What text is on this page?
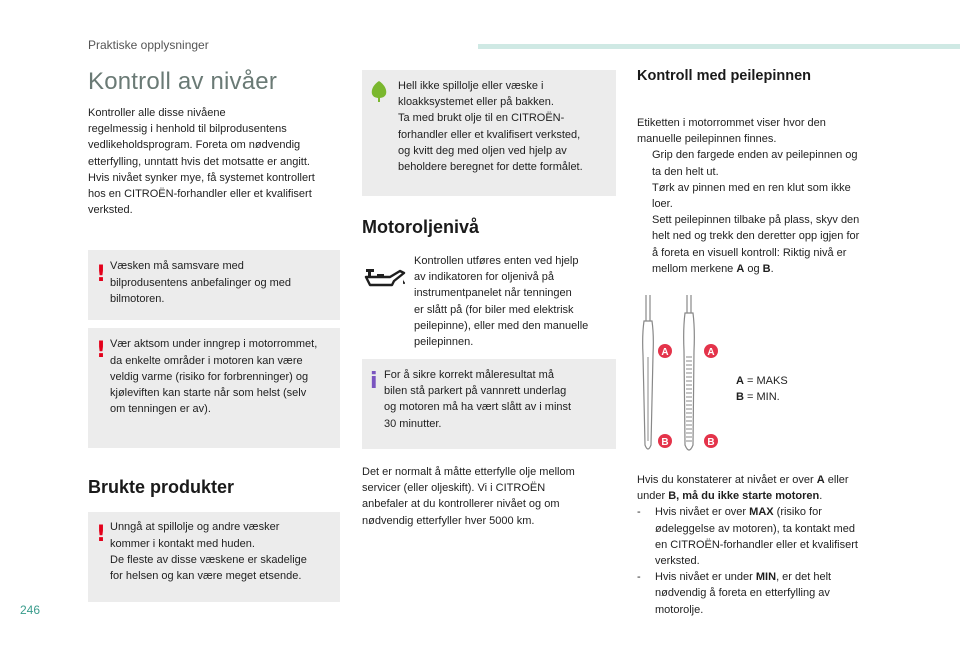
Praktiske opplysninger
Kontroll av nivåer
Kontroller alle disse nivåene
regelmessig i henhold til bilprodusentens
vedlikeholdsprogram. Foreta om nødvendig
etterfylling, unntatt hvis det motsatte er angitt.
Hvis nivået synker mye, få systemet kontrollert
hos en CITROËN-forhandler eller et kvalifisert
verksted.
! Væsken må samsvare med
bilprodusentens anbefalinger og med
bilmotoren.
! Vær aktsom under inngrep i motorrommet,
da enkelte områder i motoren kan være
veldig varme (risiko for forbrenninger) og
kjøleviften kan starte når som helst (selv
om tenningen er av).
Brukte produkter
! Unngå at spillolje og andre væsker
kommer i kontakt med huden.
De fleste av disse væskene er skadelige
for helsen og kan være meget etsende.
Hell ikke spillolje eller væske i
kloakksystemet eller på bakken.
Ta med brukt olje til en CITROËN-
forhandler eller et kvalifisert verksted,
og kvitt deg med oljen ved hjelp av
beholdere beregnet for dette formålet.
Motoroljenivå
Kontrollen utføres enten ved hjelp
av indikatoren for oljenivå på
instrumentpanelet når tenningen
er slått på (for biler med elektrisk
peilepinne), eller med den manuelle
peilepinnen.
i For å sikre korrekt måleresultat må
bilen stå parkert på vannrett underlag
og motoren må ha vært slått av i minst
30 minutter.
Det er normalt å måtte etterfylle olje mellom
servicer (eller oljeskift). Vi i CITROËN
anbefaler at du kontrollerer nivået og om
nødvendig etterfyller hver 5000 km.
Kontroll med peilepinnen
Etiketten i motorrommet viser hvor den
manuelle peilepinnen finnes.
Grip den fargede enden av peilepinnen og
ta den helt ut.
Tørk av pinnen med en ren klut som ikke
loer.
Sett peilepinnen tilbake på plass, skyv den
helt ned og trekk den deretter opp igjen for
å foreta en visuell kontroll: Riktig nivå er
mellom merkene A og B.
A	A
B	B
A = MAKS
B = MIN.
Hvis du konstaterer at nivået er over A eller
under B, må du ikke starte motoren.
- Hvis nivået er over MAX (risiko for
ødeleggelse av motoren), ta kontakt med
en CITROËN-forhandler eller et kvalifisert
verksted.
- Hvis nivået er under MIN, er det helt
nødvendig å foreta en etterfylling av
motorolje.
246
